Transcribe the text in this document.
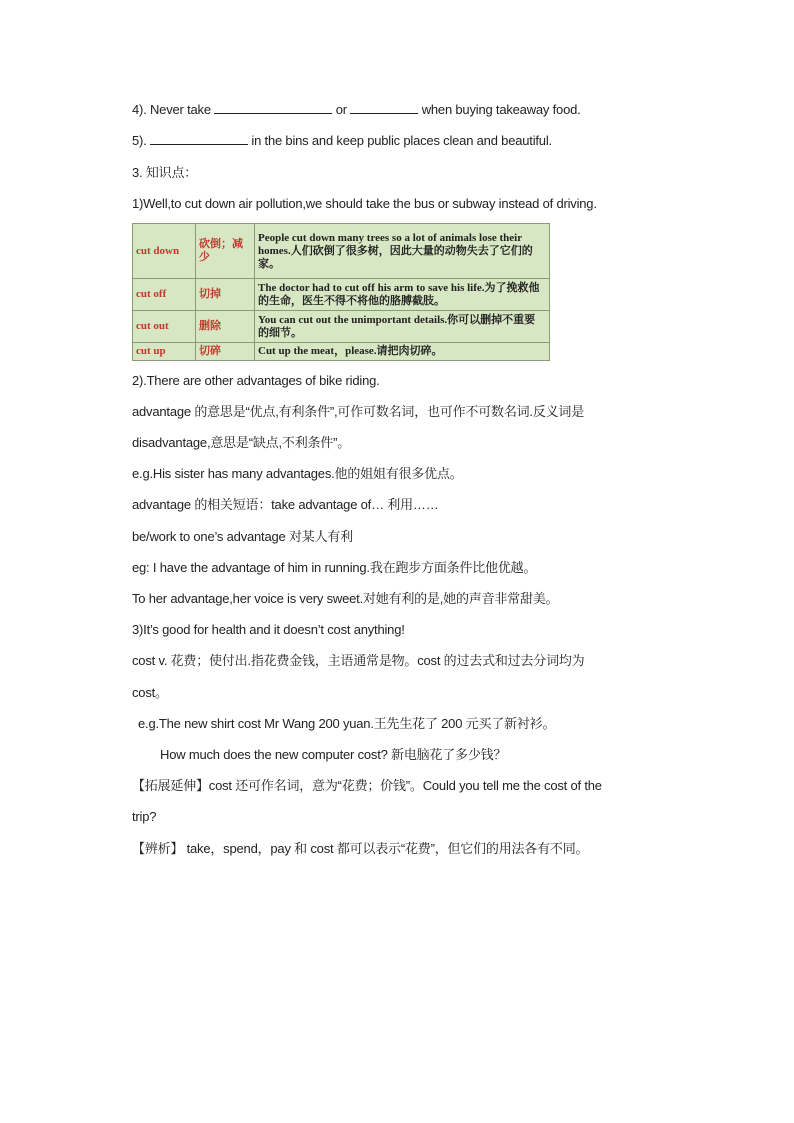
4). Never take	or	when buying takeaway food.
5).	in the bins and keep public places clean and beautiful.
3. 知识点：
1)Well,to cut down air pollution,we should take the bus or subway instead of driving.
cut down	砍倒；减少	People cut down many trees so a lot of animals lose their homes.人们砍倒了很多树，因此大量的动物失去了它们的家。
cut off	切掉	The doctor had to cut off his arm to save his life.为了挽救他的生命，医生不得不将他的胳膊截肢。
cut out	删除	You can cut out the unimportant details.你可以删掉不重要的细节。
cut up	切碎	Cut up the meat，please.请把肉切碎。
2).There are other advantages of bike riding.
advantage 的意思是“优点,有利条件”,可作可数名词，也可作不可数名词.反义词是
disadvantage,意思是“缺点,不利条件”。
e.g.His sister has many advantages.他的姐姐有很多优点。
advantage 的相关短语：take advantage of… 利用……
be/work to one’s advantage 对某人有利
eg: I have the advantage of him in running.我在跑步方面条件比他优越。
To her advantage,her voice is very sweet.对她有利的是,她的声音非常甜美。
3)It’s good for health and it doesn’t cost anything!
cost v. 花费；使付出.指花费金钱，主语通常是物。cost 的过去式和过去分词均为
cost。
e.g.The new shirt cost Mr Wang 200 yuan.王先生花了 200 元买了新衬衫。
How much does the new computer cost? 新电脑花了多少钱？
【拓展延伸】cost 还可作名词，意为“花费；价钱”。Could you tell me the cost of the
trip?
【辨析】 take，spend，pay 和 cost 都可以表示“花费”，但它们的用法各有不同。
